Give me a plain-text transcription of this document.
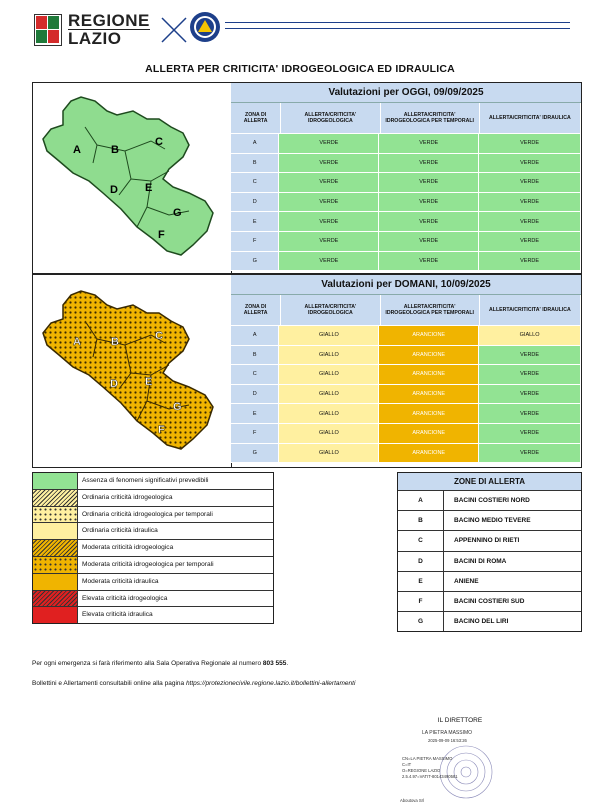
REGIONE
LAZIO
ALLERTA PER CRITICITA' IDROGEOLOGICA ED IDRAULICA
A	B
C
D E
F
G
Valutazioni per OGGI, 09/09/2025
ZONA DI ALLERTA
ALLERTA/CRITICITA' IDROGEOLOGICA
ALLERTA/CRITICITA' IDROGEOLOGICA PER TEMPORALI
ALLERTA/CRITICITA' IDRAULICA
A	VERDE	VERDE	VERDE
B	VERDE	VERDE	VERDE
C	VERDE	VERDE	VERDE
D	VERDE	VERDE	VERDE
E	VERDE	VERDE	VERDE
F	VERDE	VERDE	VERDE
G	VERDE	VERDE	VERDE
A	B	C
D E
F
G
Valutazioni per DOMANI, 10/09/2025
ZONA DI ALLERTA
ALLERTA/CRITICITA' IDROGEOLOGICA
ALLERTA/CRITICITA' IDROGEOLOGICA PER TEMPORALI
ALLERTA/CRITICITA' IDRAULICA
A	GIALLO	ARANCIONE	GIALLO
B	GIALLO	ARANCIONE	VERDE
C	GIALLO	ARANCIONE	VERDE
D	GIALLO	ARANCIONE	VERDE
E	GIALLO	ARANCIONE	VERDE
F	GIALLO	ARANCIONE	VERDE
G	GIALLO	ARANCIONE	VERDE
Assenza di fenomeni significativi prevedibili
Ordinaria criticità idrogeologica
Ordinaria criticità idrogeologica per temporali
Ordinaria criticità idraulica
Moderata criticità idrogeologica
Moderata criticità idrogeologica per temporali
Moderata criticità idraulica
Elevata criticità idrogeologica
Elevata criticità idraulica
ZONE DI ALLERTA
A	BACINI COSTIERI NORD
B	BACINO MEDIO TEVERE
C	APPENNINO DI RIETI
D	BACINI DI ROMA
E	ANIENE
F	BACINI COSTIERI SUD
G	BACINO DEL LIRI
Per ogni emergenza si farà riferimento alla Sala Operativa Regionale al numero 803 555.
Bollettini e Allertamenti consultabili online alla pagina https://protezionecivile.regione.lazio.it/bollettini-allertamenti
IL DIRETTORE
LA PIETRA MASSIMO
2025-09-09 16:53:26
CN=LA PIETRA MASSIMO
C=IT
O=REGIONE LAZIO
2.5.4.97=VATIT-80143490581
Aboutova Srl
